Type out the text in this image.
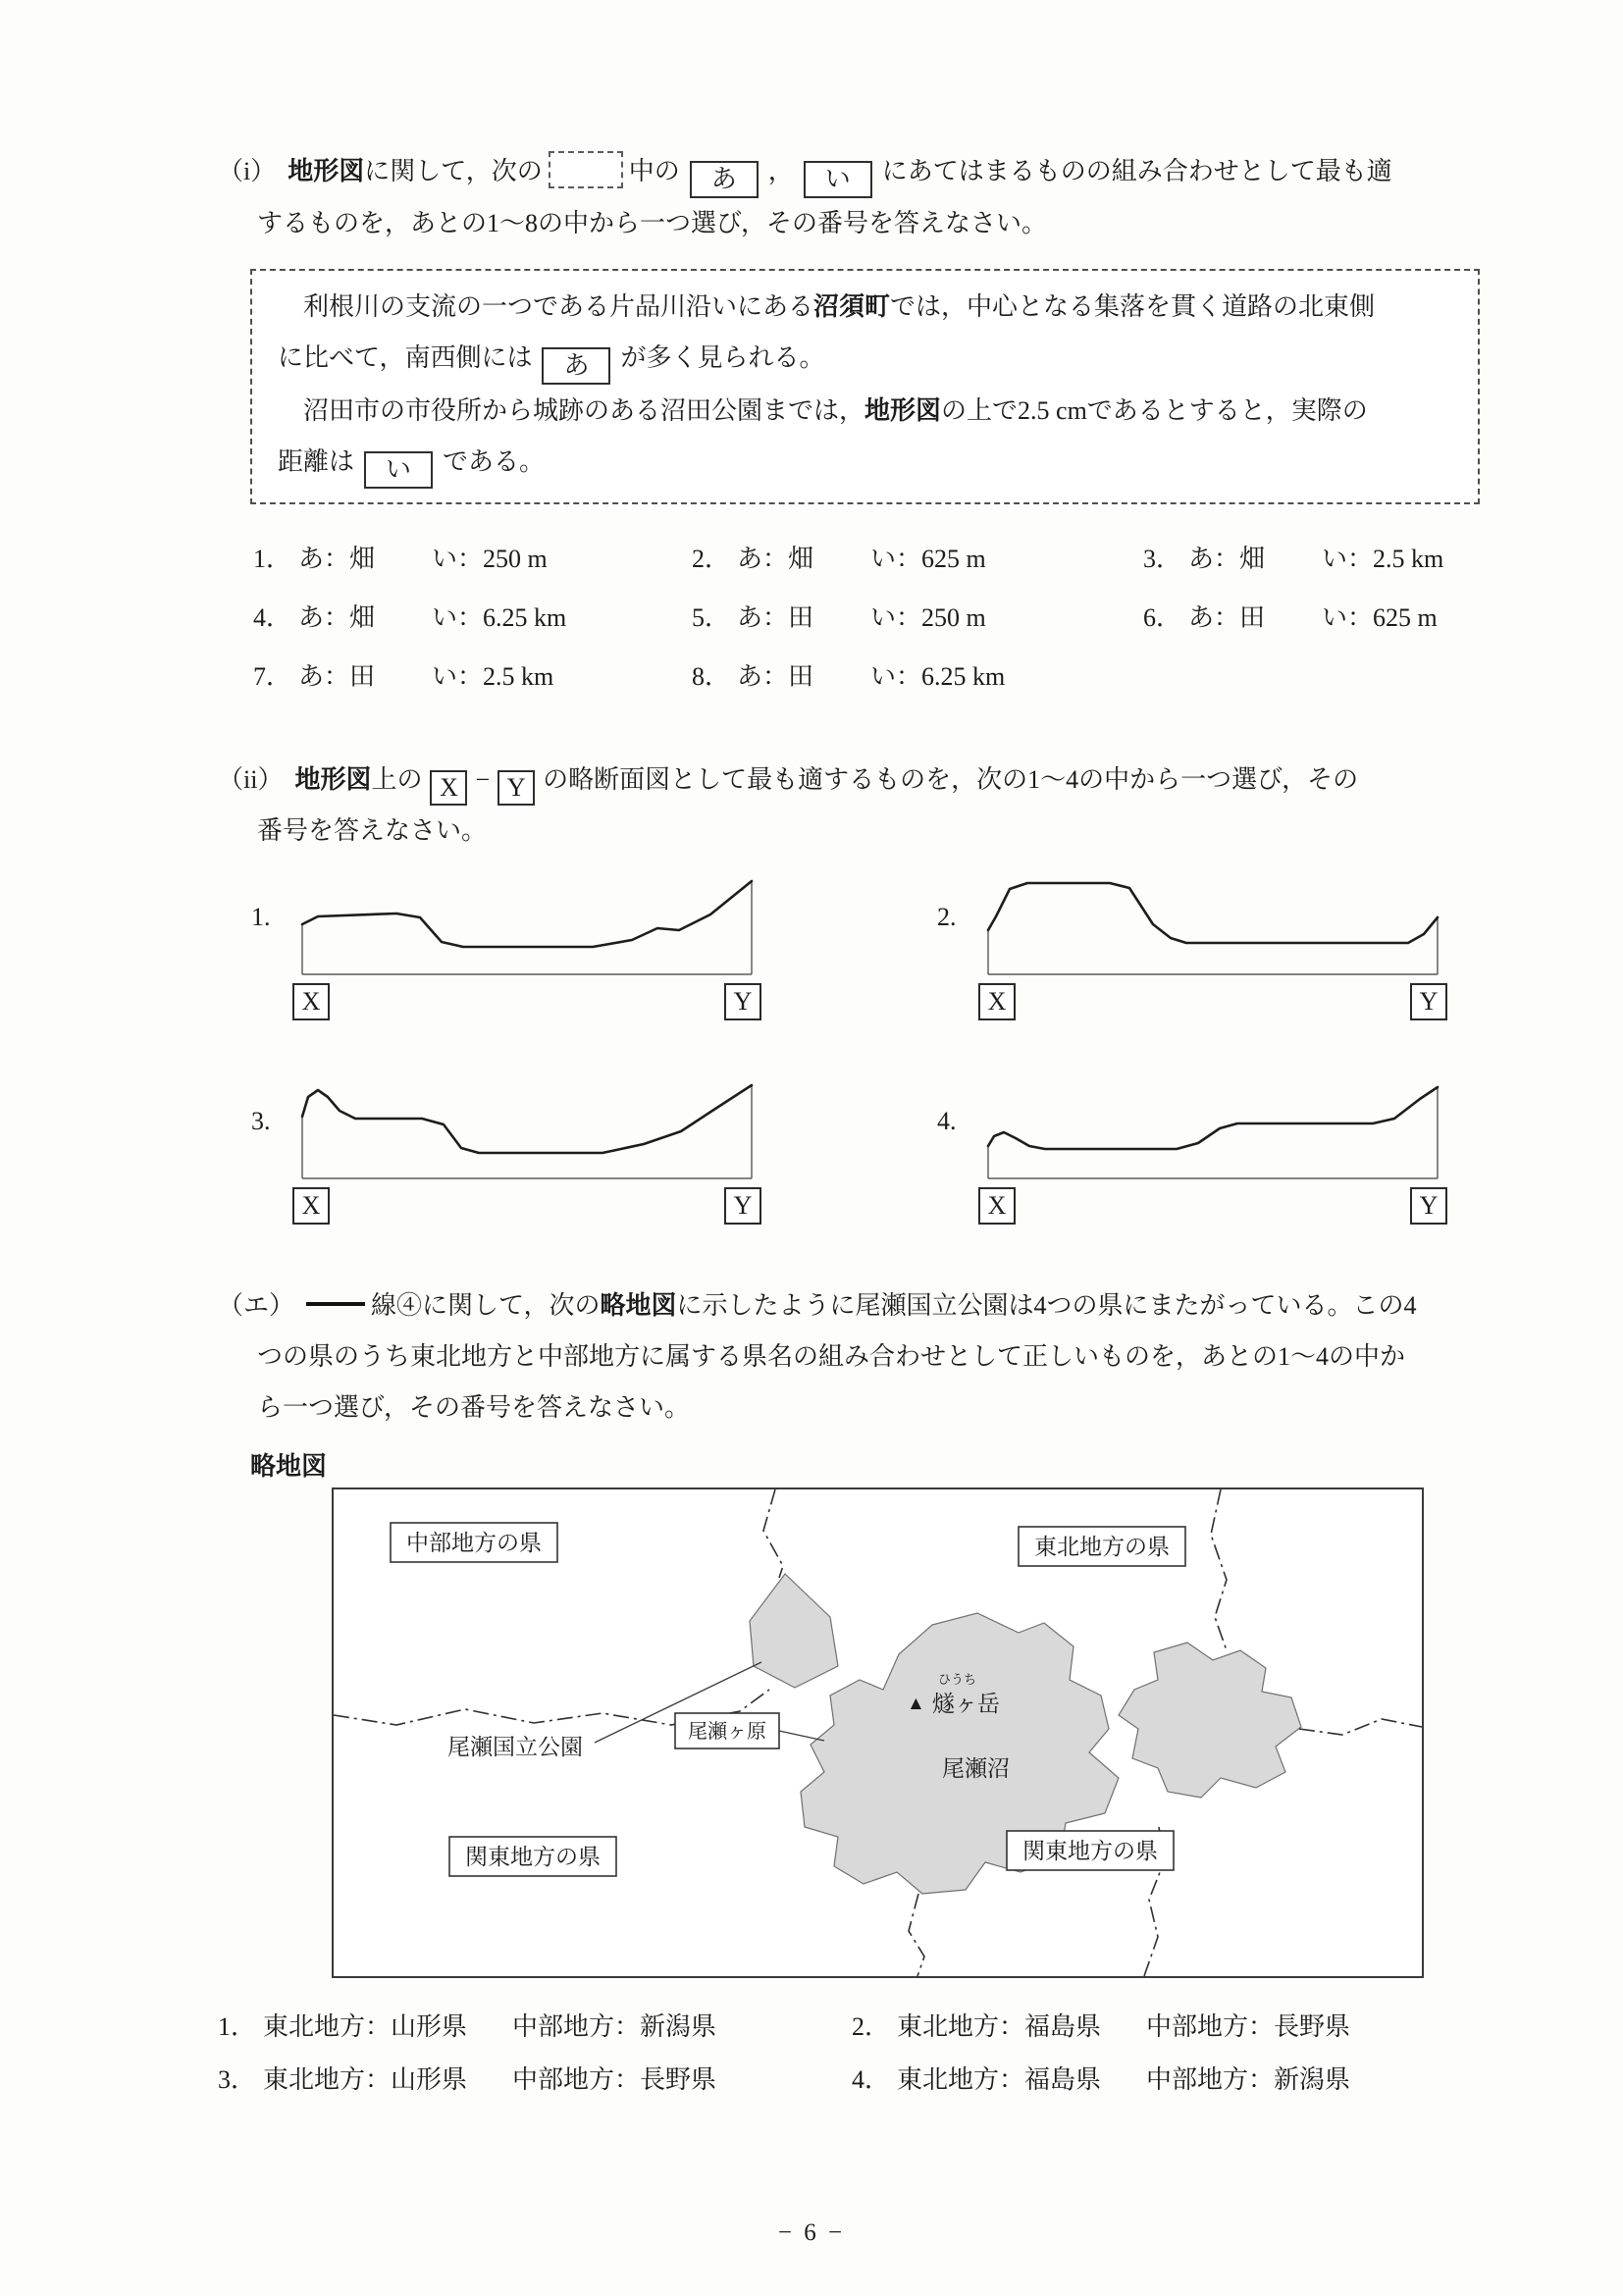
（i） 地形図に関して，次の	中の あ ， い にあてはまるものの組み合わせとして最も適
するものを，あとの1～8の中から一つ選び，その番号を答えなさい。
　利根川の支流の一つである片品川沿いにある沼須町では，中心となる集落を貫く道路の北東側
に比べて，南西側には あ が多く見られる。
　沼田市の市役所から城跡のある沼田公園までは，地形図の上で2.5 cmであるとすると，実際の
距離は い である。
1． あ：畑 い：250 m	2． あ：畑 い：625 m	3． あ：畑 い：2.5 km
4． あ：畑 い：6.25 km	5． あ：田 い：250 m	6． あ：田 い：625 m
7． あ：田 い：2.5 km	8． あ：田 い：6.25 km
（ii） 地形図上の X − Y の略断面図として最も適するものを，次の1～4の中から一つ選び，その
番号を答えなさい。
1.
X	Y
2.
X	Y
3.
X	Y
4.
X	Y
（エ）	線④に関して，次の略地図に示したように尾瀬国立公園は4つの県にまたがっている。この4
つの県のうち東北地方と中部地方に属する県名の組み合わせとして正しいものを，あとの1～4の中か
ら一つ選び，その番号を答えなさい。
略地図
中部地方の県	東北地方の県
関東地方の県	関東地方の県
尾瀬ヶ原
尾瀬国立公園
ひうち
▲ 燧ヶ岳
尾瀬沼
1． 東北地方：山形県 中部地方：新潟県	2． 東北地方：福島県 中部地方：長野県
3． 東北地方：山形県 中部地方：長野県	4． 東北地方：福島県 中部地方：新潟県
− 6 −
